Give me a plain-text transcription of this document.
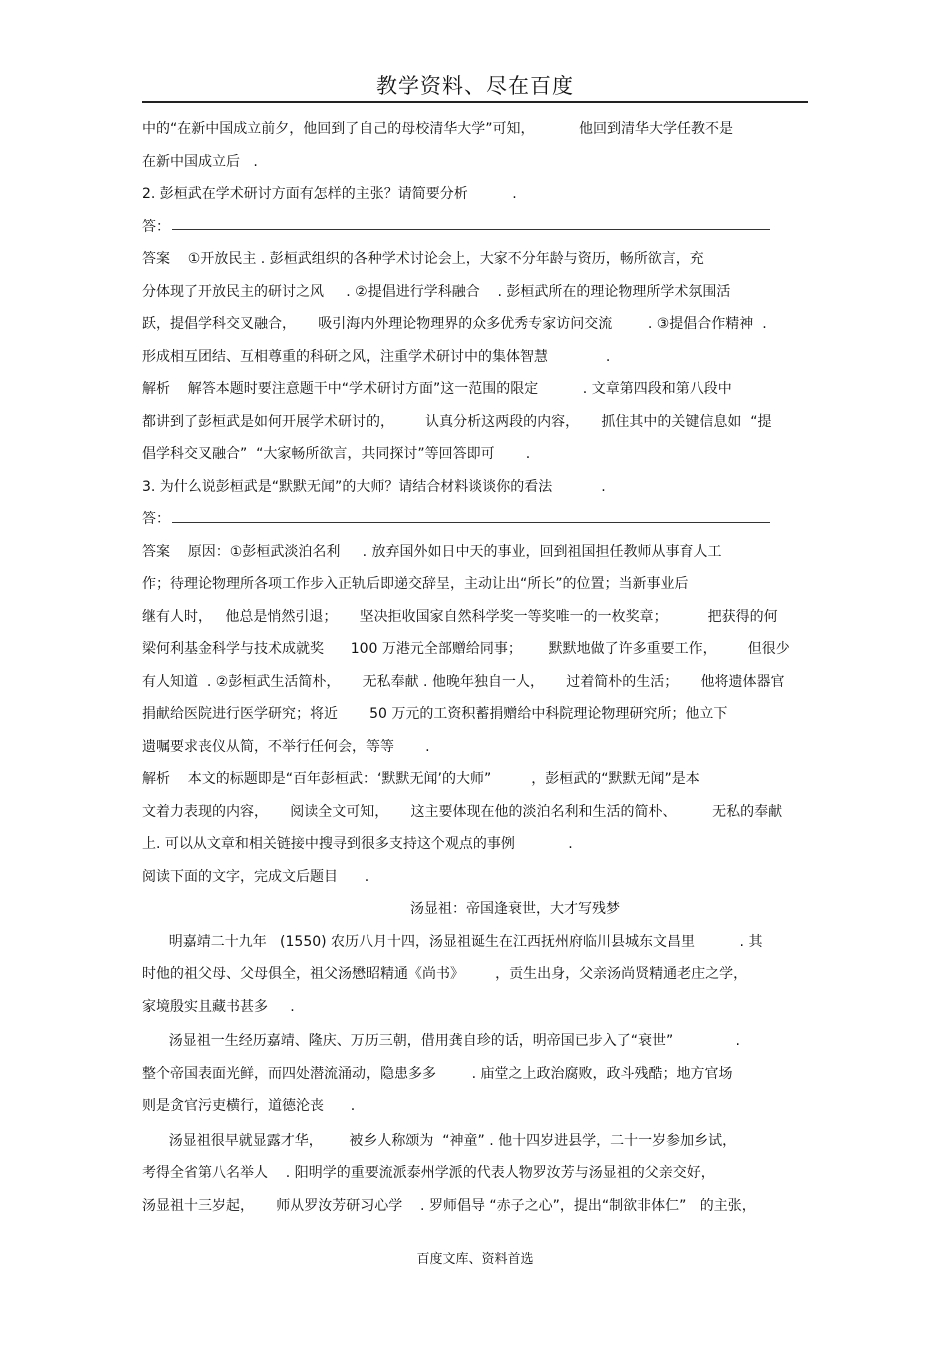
教学资料、尽在百度
中的“在新中国成立前夕，他回到了自己的母校清华大学”可知，          他回到清华大学任教不是
在新中国成立后   .
2. 彭桓武在学术研讨方面有怎样的主张？请简要分析          .
答：
答案    ①开放民主 . 彭桓武组织的各种学术讨论会上，大家不分年龄与资历，畅所欲言，充
分体现了开放民主的研讨之风     . ②提倡进行学科融合    . 彭桓武所在的理论物理所学术氛围活
跃，提倡学科交叉融合，     吸引海内外理论物理界的众多优秀专家访问交流        . ③提倡合作精神  .
形成相互团结、互相尊重的科研之风，注重学术研讨中的集体智慧             .
解析    解答本题时要注意题干中“学术研讨方面”这一范围的限定          . 文章第四段和第八段中
都讲到了彭桓武是如何开展学术研讨的，       认真分析这两段的内容，     抓住其中的关键信息如  “提
倡学科交叉融合”  “大家畅所欲言，共同探讨”等回答即可       .
3. 为什么说彭桓武是“默默无闻”的大师？请结合材料谈谈你的看法           .
答：
答案    原因：①彭桓武淡泊名利     . 放弃国外如日中天的事业，回到祖国担任教师从事育人工
作；待理论物理所各项工作步入正轨后即递交辞呈，主动让出“所长”的位置；当新事业后
继有人时，   他总是悄然引退；     坚决拒收国家自然科学奖一等奖唯一的一枚奖章；         把获得的何
梁何利基金科学与技术成就奖      100 万港元全部赠给同事；      默默地做了许多重要工作，       但很少
有人知道  . ②彭桓武生活简朴，     无私奉献 . 他晚年独自一人，     过着简朴的生活；     他将遗体器官
捐献给医院进行医学研究；将近       50 万元的工资积蓄捐赠给中科院理论物理研究所；他立下
遗嘱要求丧仪从简，不举行任何会，等等       .
解析    本文的标题即是“百年彭桓武：‘默默无闻’的大师”         ，彭桓武的“默默无闻”是本
文着力表现的内容，     阅读全文可知，     这主要体现在他的淡泊名利和生活的简朴、        无私的奉献
上. 可以从文章和相关链接中搜寻到很多支持这个观点的事例            .
阅读下面的文字，完成文后题目      .
汤显祖：帝国逢衰世，大才写残梦
明嘉靖二十九年   (1550) 农历八月十四，汤显祖诞生在江西抚州府临川县城东文昌里          . 其
时他的祖父母、父母俱全，祖父汤懋昭精通《尚书》       ，贡生出身，父亲汤尚贤精通老庄之学，
家境殷实且藏书甚多     .
汤显祖一生经历嘉靖、隆庆、万历三朝，借用龚自珍的话，明帝国已步入了“衰世”              .
整个帝国表面光鲜，而四处潜流涌动，隐患多多        . 庙堂之上政治腐败，政斗残酷；地方官场
则是贪官污吏横行，道德沦丧      .
汤显祖很早就显露才华，      被乡人称颂为  “神童” . 他十四岁进县学，二十一岁参加乡试，
考得全省第八名举人    . 阳明学的重要流派泰州学派的代表人物罗汝芳与汤显祖的父亲交好，
汤显祖十三岁起，     师从罗汝芳研习心学    . 罗师倡导 “赤子之心”，提出“制欲非体仁”   的主张，
百度文库、资料首选
